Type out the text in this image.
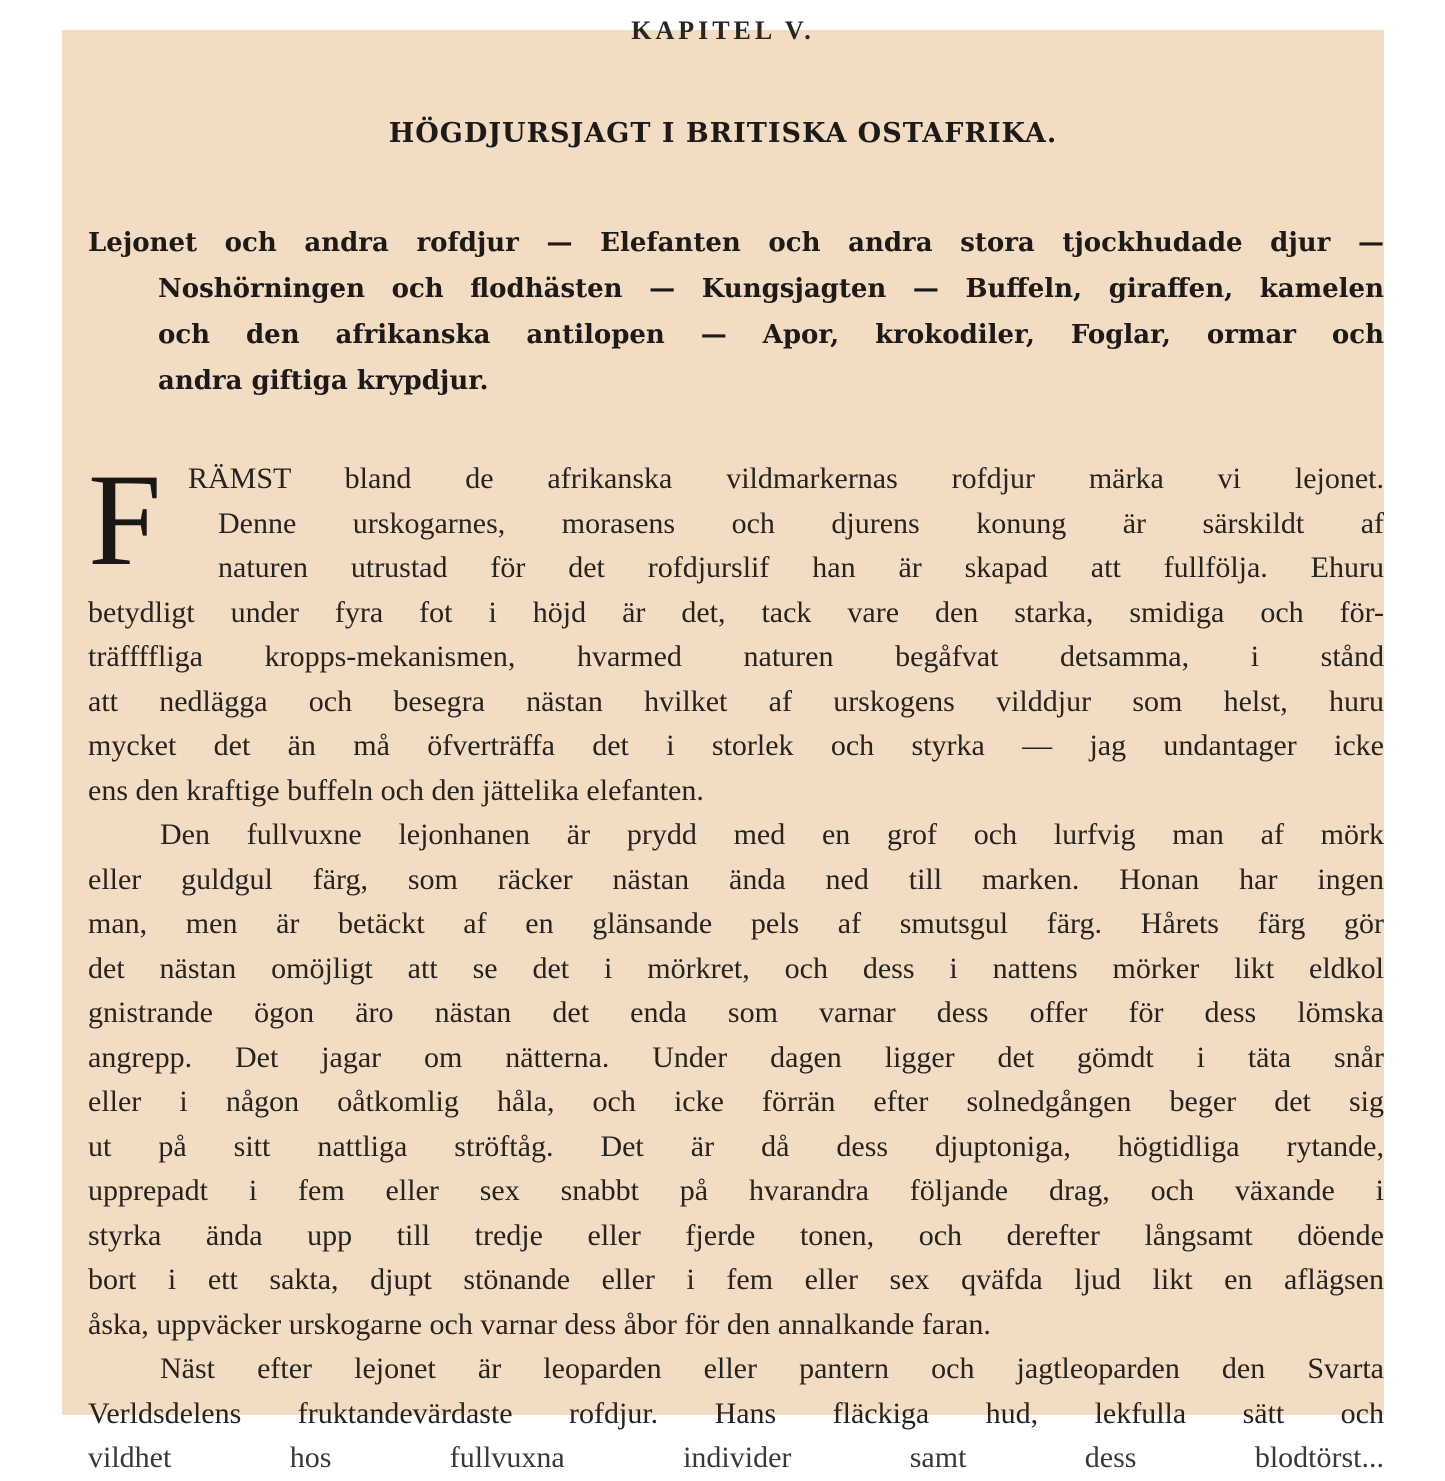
KAPITEL V.
HÖGDJURSJAGT I BRITISKA OSTAFRIKA.
Lejonet och andra rofdjur — Elefanten och andra stora tjockhudade djur —
Noshörningen och flodhästen — Kungsjagten — Buffeln, giraffen, kamelen
och den afrikanska antilopen — Apor, krokodiler, Foglar, ormar och
andra giftiga krypdjur.
F RÄMST bland de afrikanska vildmarkernas rofdjur märka vi lejonet.
Denne urskogarnes, morasens och djurens konung är särskildt af
naturen utrustad för det rofdjurslif han är skapad att fullfölja. Ehuru
betydligt under fyra fot i höjd är det, tack vare den starka, smidiga och för-
träffffliga kropps-mekanismen, hvarmed naturen begåfvat detsamma, i stånd
att nedlägga och besegra nästan hvilket af urskogens vilddjur som helst, huru
mycket det än må öfverträffa det i storlek och styrka — jag undantager icke
ens den kraftige buffeln och den jättelika elefanten.
Den fullvuxne lejonhanen är prydd med en grof och lurfvig man af mörk
eller guldgul färg, som räcker nästan ända ned till marken. Honan har ingen
man, men är betäckt af en glänsande pels af smutsgul färg. Hårets färg gör
det nästan omöjligt att se det i mörkret, och dess i nattens mörker likt eldkol
gnistrande ögon äro nästan det enda som varnar dess offer för dess lömska
angrepp. Det jagar om nätterna. Under dagen ligger det gömdt i täta snår
eller i någon oåtkomlig håla, och icke förrän efter solnedgången beger det sig
ut på sitt nattliga ströftåg. Det är då dess djuptoniga, högtidliga rytande,
upprepadt i fem eller sex snabbt på hvarandra följande drag, och växande i
styrka ända upp till tredje eller fjerde tonen, och derefter långsamt döende
bort i ett sakta, djupt stönande eller i fem eller sex qväfda ljud likt en aflägsen
åska, uppväcker urskogarne och varnar dess åbor för den annalkande faran.
Näst efter lejonet är leoparden eller pantern och jagtleoparden den Svarta
Verldsdelens fruktandevärdaste rofdjur. Hans fläckiga hud, lekfulla sätt och
vildhet hos fullvuxna individer samt dess blodtörst...
